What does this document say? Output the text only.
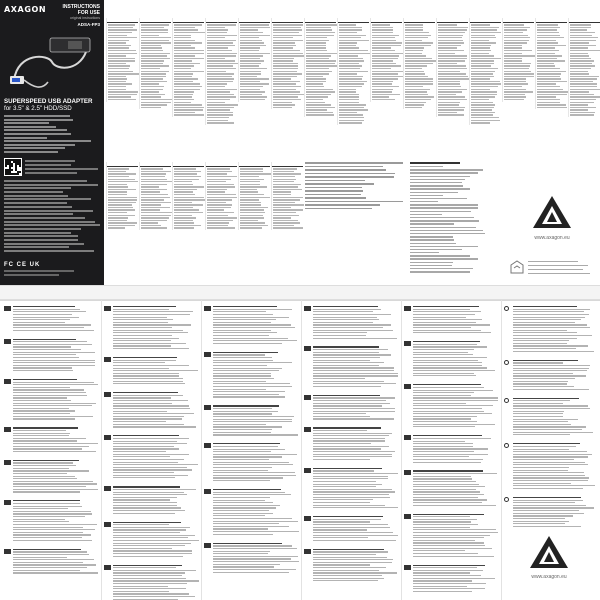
AXAGON	INSTRUCTIONS FOR USE
original instructions
ADSA-FP3
SUPERSPEED USB ADAPTER
for 3.5" & 2.5" HDD/SSD
FC CE UK
www.axagon.eu
www.axagon.eu
